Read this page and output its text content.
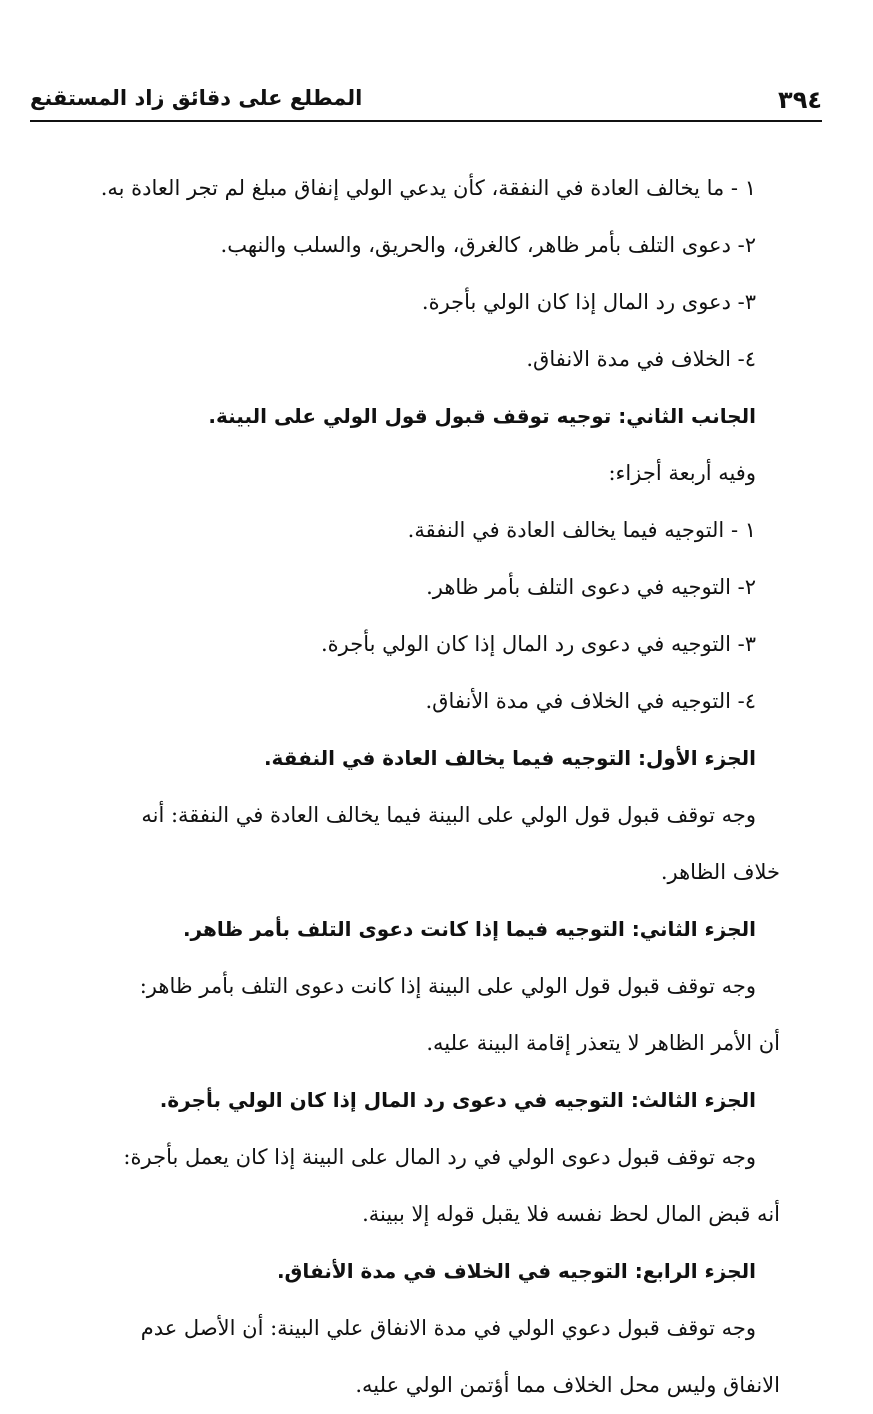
٣٩٤
المطلع على دقائق زاد المستقنع
١ - ما يخالف العادة في النفقة، كأن يدعي الولي إنفاق مبلغ لم تجر العادة به.
٢- دعوى التلف بأمر ظاهر، كالغرق، والحريق، والسلب والنهب.
٣- دعوى رد المال إذا كان الولي بأجرة.
٤- الخلاف في مدة الانفاق.
الجانب الثاني: توجيه توقف قبول قول الولي على البينة.
وفيه أربعة أجزاء:
١ - التوجيه فيما يخالف العادة في النفقة.
٢- التوجيه في دعوى التلف بأمر ظاهر.
٣- التوجيه في دعوى رد المال إذا كان الولي بأجرة.
٤- التوجيه في الخلاف في مدة الأنفاق.
الجزء الأول: التوجيه فيما يخالف العادة في النفقة.
وجه توقف قبول قول الولي على البينة فيما يخالف العادة في النفقة: أنه
خلاف الظاهر.
الجزء الثاني: التوجيه فيما إذا كانت دعوى التلف بأمر ظاهر.
وجه توقف قبول قول الولي على البينة إذا كانت دعوى التلف بأمر ظاهر:
أن الأمر الظاهر لا يتعذر إقامة البينة عليه.
الجزء الثالث: التوجيه في دعوى رد المال إذا كان الولي بأجرة.
وجه توقف قبول دعوى الولي في رد المال على البينة إذا كان يعمل بأجرة:
أنه قبض المال لحظ نفسه فلا يقبل قوله إلا ببينة.
الجزء الرابع: التوجيه في الخلاف في مدة الأنفاق.
وجه توقف قبول دعوي الولي في مدة الانفاق علي البينة: أن الأصل عدم
الانفاق وليس محل الخلاف مما أؤتمن الولي عليه.
